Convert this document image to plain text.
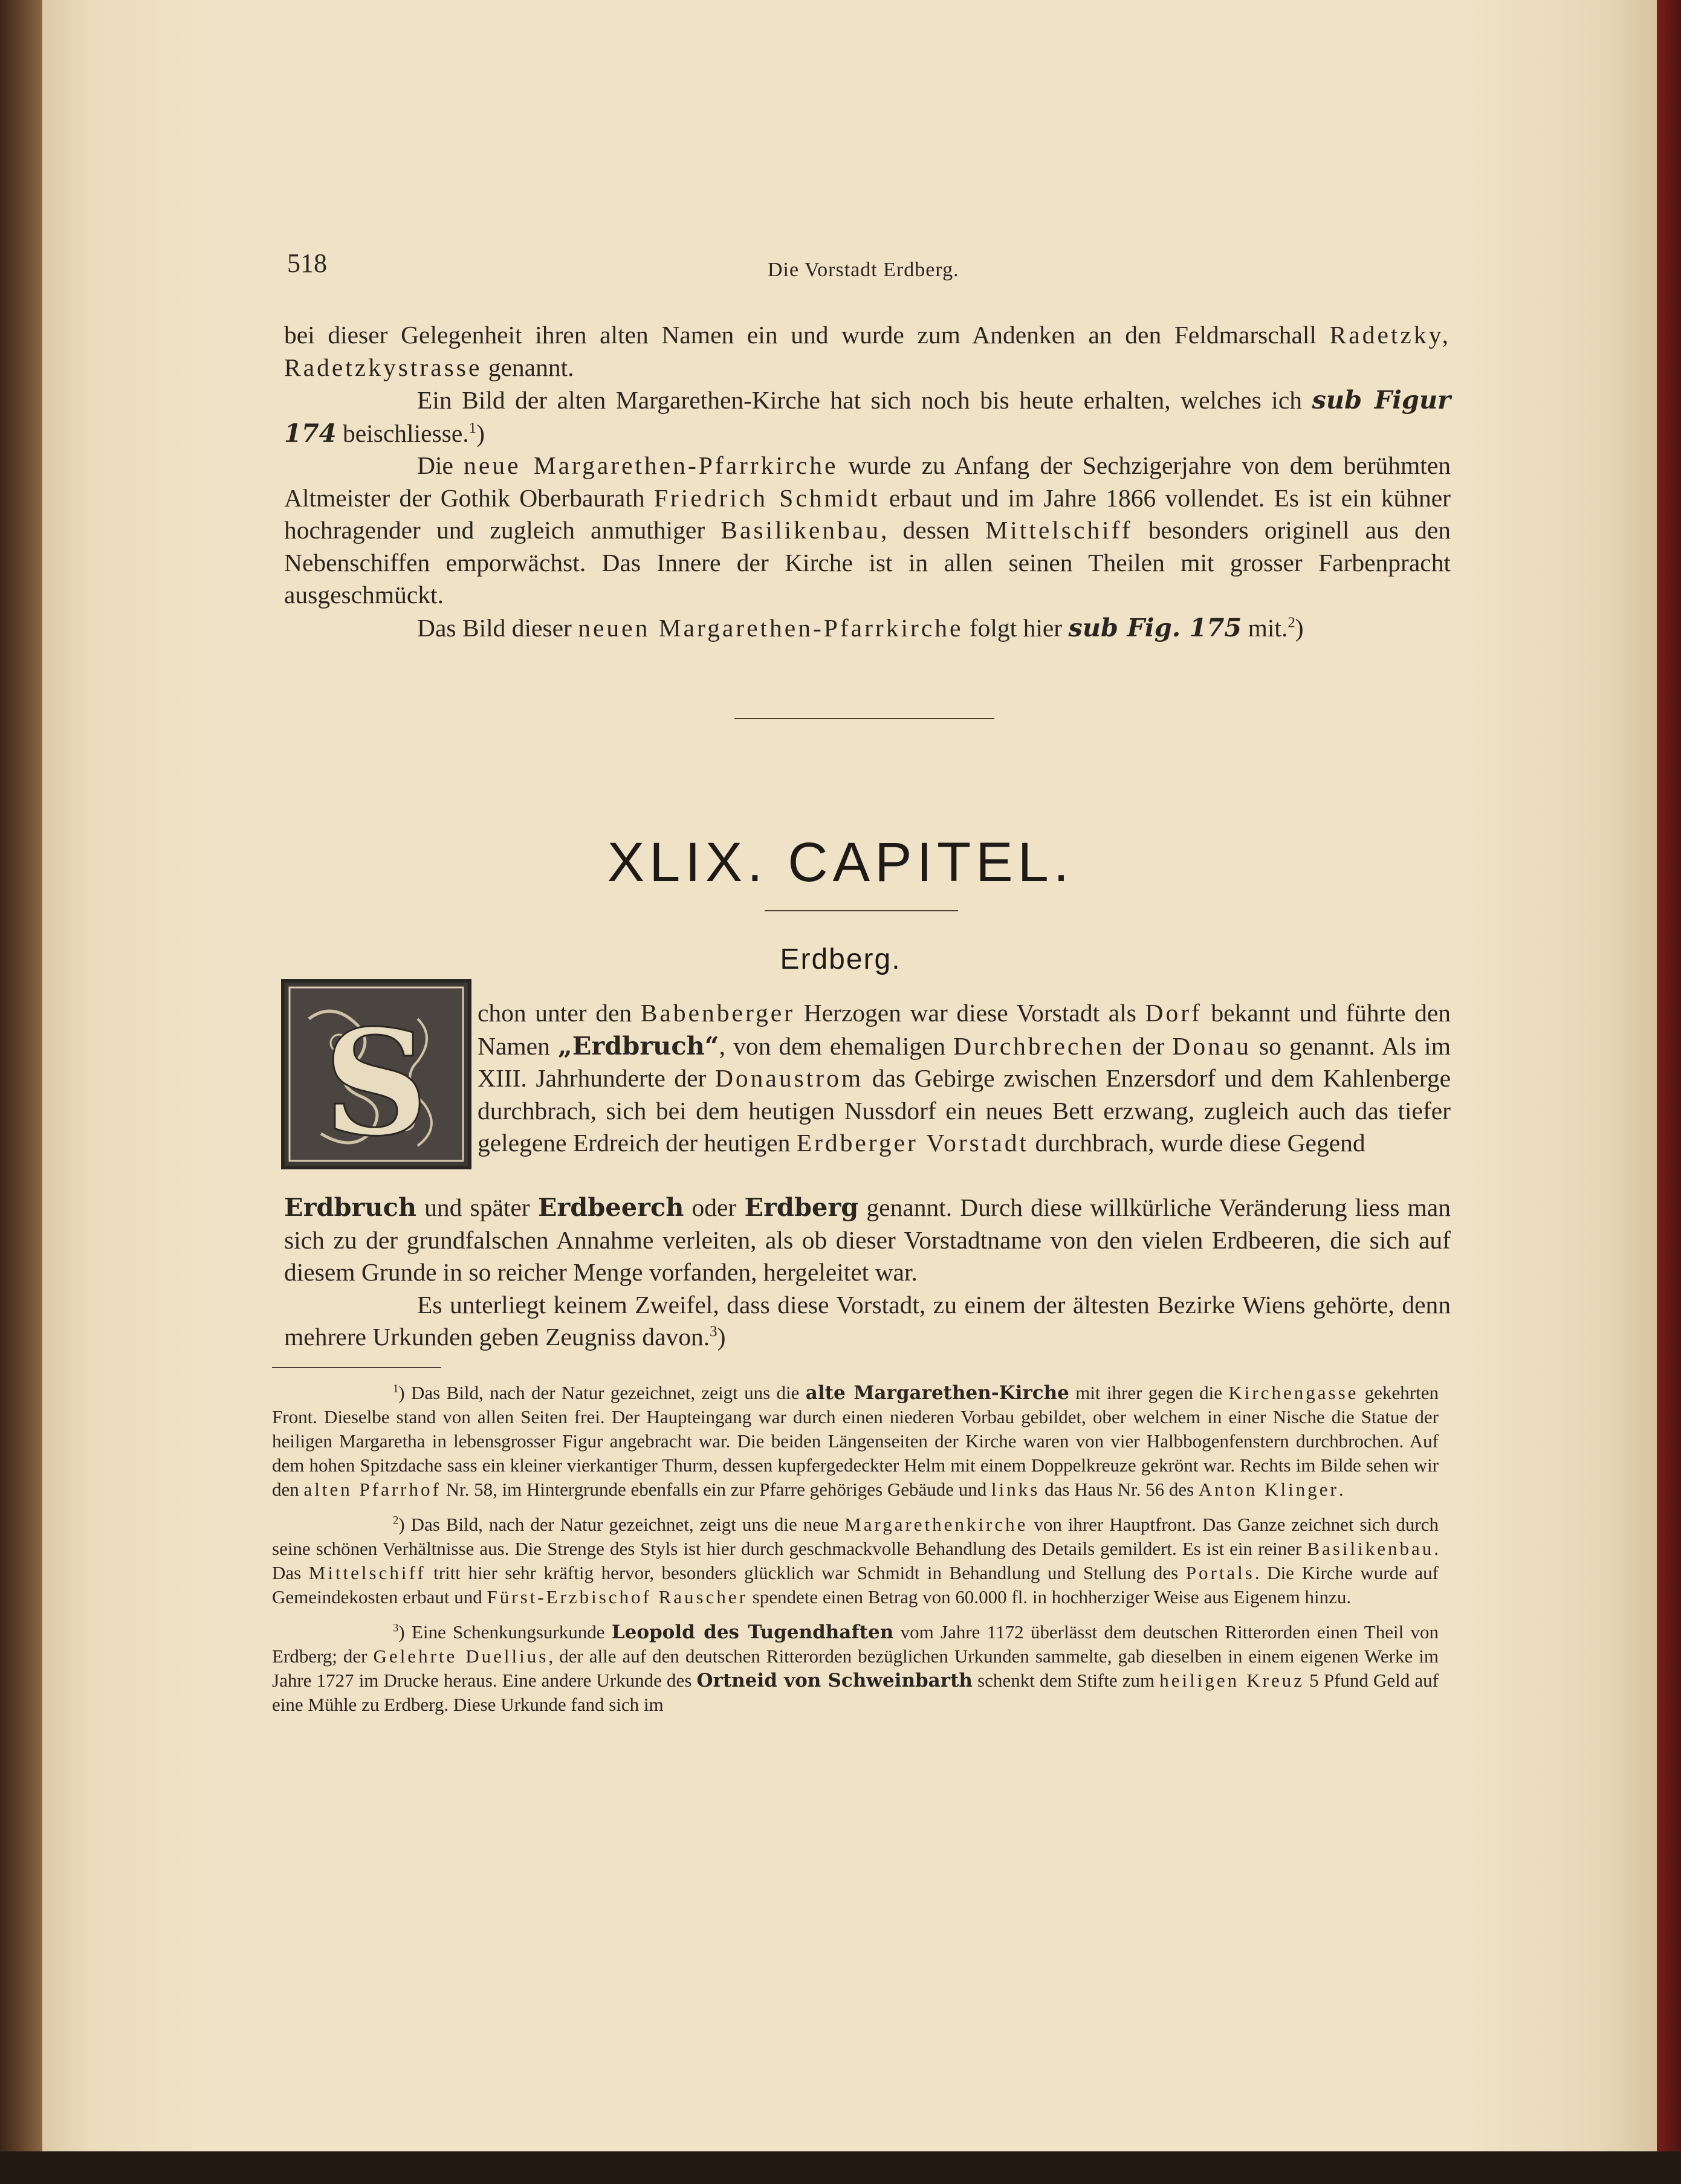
518	Die Vorstadt Erdberg.

bei dieser Gelegenheit ihren alten Namen ein und wurde zum Andenken an den Feldmarschall Radetzky, Radetzkystrasse genannt.

Ein Bild der alten Margarethen-Kirche hat sich noch bis heute erhalten, welches ich sub Figur 174 beischliesse.$^1$)

Die neue Margarethen-Pfarrkirche wurde zu Anfang der Sechzigerjahre von dem berühmten Altmeister der Gothik Oberbaurath Friedrich Schmidt erbaut und im Jahre 1866 vollendet. Es ist ein kühner hochragender und zugleich anmuthiger Basilikenbau, dessen Mittelschiff besonders originell aus den Nebenschiffen emporwächst. Das Innere der Kirche ist in allen seinen Theilen mit grosser Farbenpracht ausgeschmückt.

Das Bild dieser neuen Margarethen-Pfarrkirche folgt hier sub Fig. 175 mit.$^2$)

XLIX. CAPITEL.
Erdberg.
S chon unter den Babenberger Herzogen war diese Vorstadt als Dorf bekannt und führte den Namen „Erdbruch“, von dem ehemaligen Durchbrechen der Donau so genannt. Als im XIII. Jahrhunderte der Donaustrom das Gebirge zwischen Enzersdorf und dem Kahlenberge durchbrach, sich bei dem heutigen Nussdorf ein neues Bett erzwang, zugleich auch das tiefer gelegene Erdreich der heutigen Erdberger Vorstadt durchbrach, wurde diese Gegend

Erdbruch und später Erdbeerch oder Erdberg genannt. Durch diese willkürliche Veränderung liess man sich zu der grundfalschen Annahme verleiten, als ob dieser Vorstadtname von den vielen Erdbeeren, die sich auf diesem Grunde in so reicher Menge vorfanden, hergeleitet war.

Es unterliegt keinem Zweifel, dass diese Vorstadt, zu einem der ältesten Bezirke Wiens gehörte, denn mehrere Urkunden geben Zeugniss davon.$^3$)

$^1$) Das Bild, nach der Natur gezeichnet, zeigt uns die alte Margarethen-Kirche mit ihrer gegen die Kirchengasse gekehrten Front. Dieselbe stand von allen Seiten frei. Der Haupteingang war durch einen niederen Vorbau gebildet, ober welchem in einer Nische die Statue der heiligen Margaretha in lebensgrosser Figur angebracht war. Die beiden Längenseiten der Kirche waren von vier Halbbogenfenstern durchbrochen. Auf dem hohen Spitzdache sass ein kleiner vierkantiger Thurm, dessen kupfergedeckter Helm mit einem Doppelkreuze gekrönt war. Rechts im Bilde sehen wir den alten Pfarrhof Nr. 58, im Hintergrunde ebenfalls ein zur Pfarre gehöriges Gebäude und links das Haus Nr. 56 des Anton Klinger.

$^2$) Das Bild, nach der Natur gezeichnet, zeigt uns die neue Margarethenkirche von ihrer Hauptfront. Das Ganze zeichnet sich durch seine schönen Verhältnisse aus. Die Strenge des Styls ist hier durch geschmackvolle Behandlung des Details gemildert. Es ist ein reiner Basilikenbau. Das Mittelschiff tritt hier sehr kräftig hervor, besonders glücklich war Schmidt in Behandlung und Stellung des Portals. Die Kirche wurde auf Gemeindekosten erbaut und Fürst-Erzbischof Rauscher spendete einen Betrag von 60.000 fl. in hochherziger Weise aus Eigenem hinzu.

$^3$) Eine Schenkungsurkunde Leopold des Tugendhaften vom Jahre 1172 überlässt dem deutschen Ritterorden einen Theil von Erdberg; der Gelehrte Duellius, der alle auf den deutschen Ritterorden bezüglichen Urkunden sammelte, gab dieselben in einem eigenen Werke im Jahre 1727 im Drucke heraus. Eine andere Urkunde des Ortneid von Schweinbarth schenkt dem Stifte zum heiligen Kreuz 5 Pfund Geld auf eine Mühle zu Erdberg. Diese Urkunde fand sich im
